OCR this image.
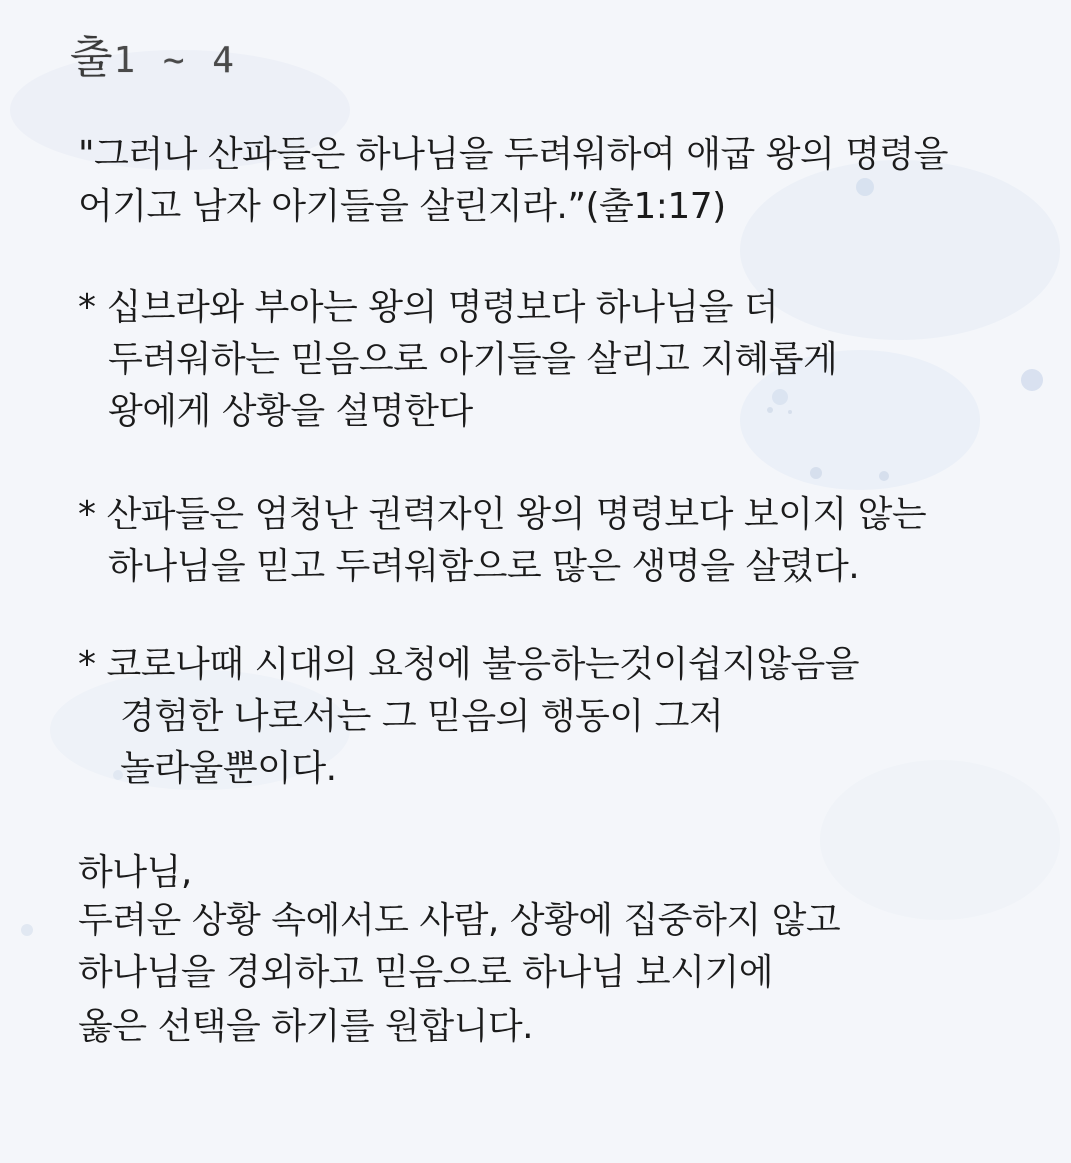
출1 ~ 4
"그러나 산파들은 하나님을 두려워하여 애굽 왕의 명령을
어기고 남자 아기들을 살린지라.”(출1:17)
* 십브라와 부아는 왕의 명령보다 하나님을 더
두려워하는 믿음으로 아기들을 살리고 지혜롭게
왕에게 상황을 설명한다
* 산파들은 엄청난 권력자인 왕의 명령보다 보이지 않는
하나님을 믿고 두려워함으로 많은 생명을 살렸다.
* 코로나때 시대의 요청에 불응하는것이쉽지않음을
경험한 나로서는 그 믿음의 행동이 그저
놀라울뿐이다.
하나님,
두려운 상황 속에서도 사람, 상황에 집중하지 않고
하나님을 경외하고 믿음으로 하나님 보시기에
옳은 선택을 하기를 원합니다.
